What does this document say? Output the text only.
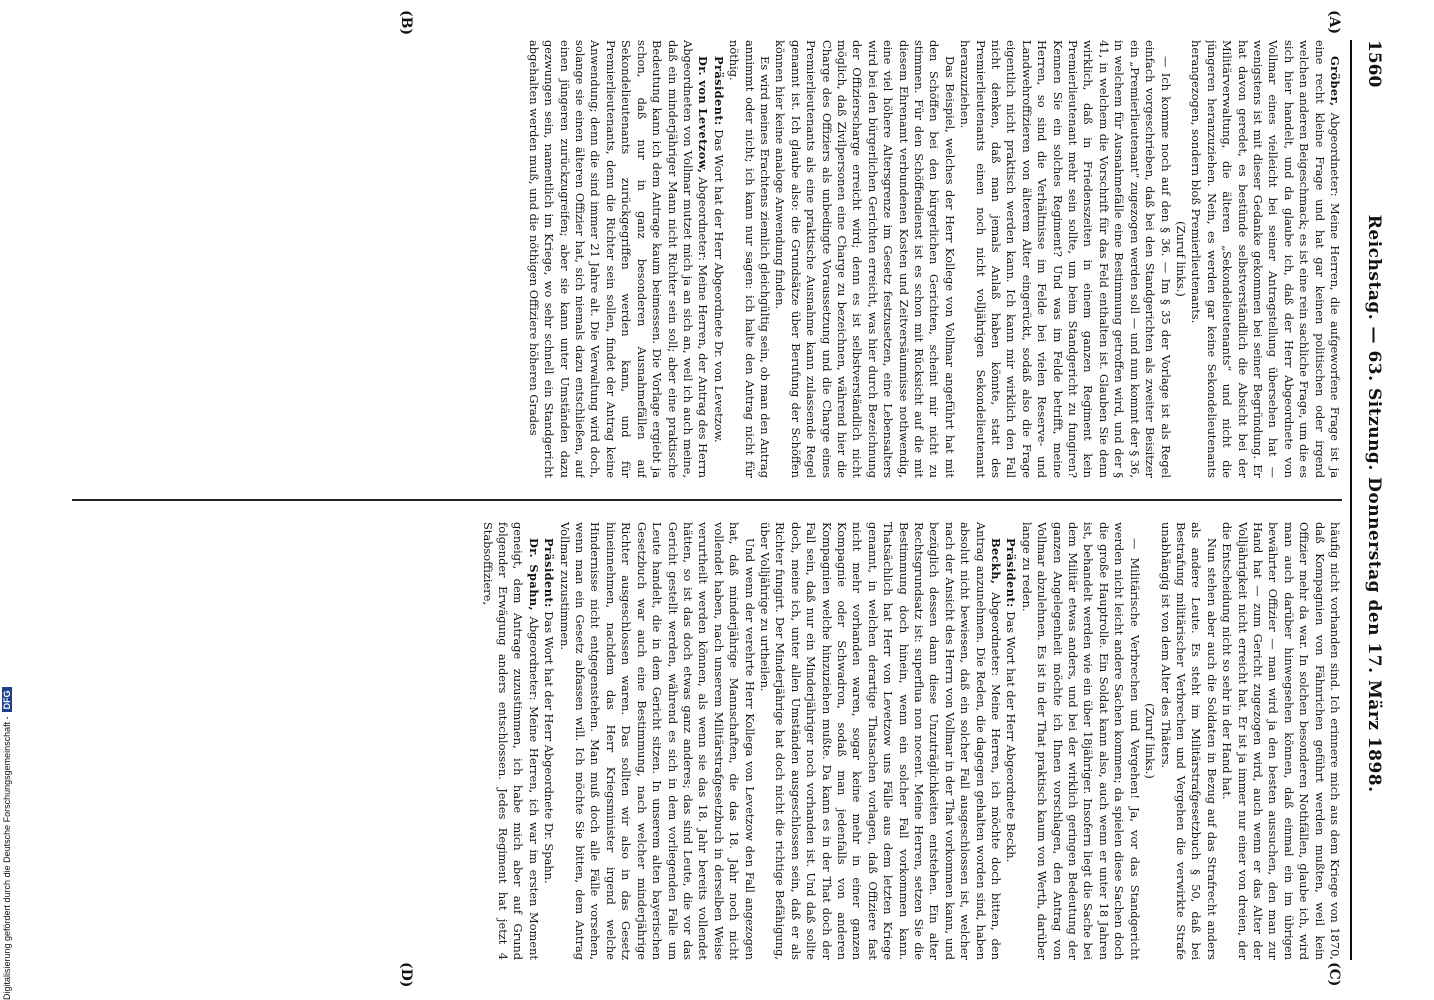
1560
Reichstag. — 63. Sitzung. Donnerstag den 17. März 1898.
(A)
(B)
(C)
(D)

Gröber, Abgeordneter: Meine Herren, die aufgeworfene Frage ist ja eine recht kleine Frage und hat gar keinen politischen oder irgend welchen anderen Beigeschmack; es ist eine rein sachliche Frage, um die es sich hier handelt, und da glaube ich, daß der Herr Abgeordnete von Vollmar eines vielleicht bei seiner Antragstellung übersehen hat — wenigstens ist mit dieser Gedanke gekommen bei seiner Begründung. Er hat davon geredet, es bestünde selbstverständlich die Absicht bei der Militärverwaltung, die älteren „Sekondelieutenants“ und nicht die jüngeren heranzuziehen. Nein, es werden gar keine Sekondelieutenants herangezogen, sondern bloß Premierlieutenants.

(Zuruf links.)

— Ich komme noch auf den § 36. — Im § 35 der Vorlage ist als Regel einfach vorgeschrieben, daß bei den Standgerichten als zweiter Beisitzer ein „Premierlieutenant“ zugezogen werden soll — und nun kommt der § 36, in welchem für Ausnahmefälle eine Bestimmung getroffen wird, und der § 41, in welchem die Vorschrift für das Feld enthalten ist. Glauben Sie denn wirklich, daß in Friedenszeiten in einem ganzen Regiment kein Premierlieutenant mehr sein sollte, um beim Standgericht zu fungiren? Kennen Sie ein solches Regiment? Und was im Felde betrifft, meine Herren, so sind die Verhältnisse im Felde bei vielen Reserve- und Landwehroffizieren von älterem Alter eingerückt, sodaß also die Frage eigentlich nicht praktisch werden kann. Ich kann mir wirklich den Fall nicht denken, daß man jemals Anlaß haben könnte, statt des Premierlieutenants einen noch nicht volljährigen Sekondelieutenant heranzuziehen.

Das Beispiel, welches der Herr Kollege von Vollmar angeführt hat mit den Schöffen bei den bürgerlichen Gerichten, scheint mir nicht zu stimmen. Für den Schöffendienst ist es schon mit Rücksicht auf die mit diesem Ehrenamt verbundenen Kosten und Zeitversäumnisse nothwendig, eine viel höhere Altersgrenze im Gesetz festzusetzen, eine Lebensalters wird bei den bürgerlichen Gerichten erreicht, was hier durch Bezeichnung der Offizierscharge erreicht wird; denn es ist selbstverständlich nicht möglich, daß Zivilpersonen eine Charge zu bezeichnen, während hier die Charge des Offiziers als unbedingte Voraussetzung und die Charge eines Premierlieutenants als eine praktische Ausnahme kann zulassende Regel genannt ist. Ich glaube also: die Grundsätze über Berufung der Schöffen können hier keine analoge Anwendung finden.

Es wird meines Erachtens ziemlich gleichgültig sein, ob man den Antrag annimmt oder nicht; ich kann nur sagen: ich halte den Antrag nicht für nöthig.

Präsident: Das Wort hat der Herr Abgeordnete Dr. von Levetzow.

Dr. von Levetzow, Abgeordneter: Meine Herren, der Antrag des Herrn Abgeordneten von Vollmar mutzet mich ja an sich an, weil ich auch meine, daß ein minderjähriger Mann nicht Richter sein soll; aber eine praktische Bedeutung kann ich dem Antrage kaum beimessen. Die Vorlage ergiebt ja schon, daß nur in ganz besonderen Ausnahmefällen auf Sekondelieutenants zurückgegriffen werden kann, und für Premierlieutenants, denn die Richter sein sollen, findet der Antrag keine Anwendung; denn die sind immer 21 Jahre alt. Die Verwaltung wird doch, solange sie einen älteren Offizier hat, sich niemals dazu entschließen, auf einen jüngeren zurückzugreifen; aber sie kann unter Umständen dazu gezwungen sein, namentlich im Kriege, wo sehr schnell ein Standgericht abgehalten werden muß, und die nöthigen Offiziere höheren Grades

häufig nicht vorhanden sind. Ich erinnere mich aus dem Kriege von 1870, daß Kompagnien von Fähnrichen geführt werden mußten, weil kein Offizier mehr da war. In solchen besonderen Nothfällen, glaube ich, wird man auch darüber hinwegsehen können, daß einmal ein im übrigen bewährter Offizier — man wird ja den besten aussuchen, den man zur Hand hat — zum Gericht zugezogen wird, auch wenn er das Alter der Volljährigkeit nicht erreicht hat. Er ist ja immer nur einer von dreien, der die Entscheidung nicht so sehr in der Hand hat.

Nun stehen aber auch die Soldaten in Bezug auf das Strafrecht anders als andere Leute. Es steht im Militärstrafgesetzbuch § 50, daß bei Bestrafung militärischer Verbrechen und Vergehen die verwirkte Strafe unabhängig ist von dem Alter des Thäters.

(Zuruf links.)

— Militärische Verbrechen und Vergehen! Ja, vor das Standgericht werden nicht leicht andere Sachen kommen; da spielen diese Sachen doch die große Hauptrolle. Ein Soldat kann also, auch wenn er unter 18 Jahren ist, behandelt werden wie ein über 18jähriger. Insofern liegt die Sache bei dem Militär etwas anders, und bei der wirklich geringen Bedeutung der ganzen Angelegenheit möchte ich Ihnen vorschlagen, den Antrag von Vollmar abzulehnen. Es ist in der That praktisch kaum von Werth, darüber lange zu reden.

Präsident: Das Wort hat der Herr Abgeordnete Beckh.

Beckh, Abgeordneter: Meine Herren, ich möchte doch bitten, den Antrag anzunehmen. Die Reden, die dagegen gehalten worden sind, haben absolut nicht bewiesen, daß ein solcher Fall ausgeschlossen ist, welcher nach der Ansicht des Herrn von Vollmar in der That vorkommen kann, und bezüglich dessen dann diese Unzuträglichkeiten entstehen. Ein alter Rechtsgrundsatz ist: superflua non nocent. Meine Herren, setzen Sie die Bestimmung doch hinein, wenn ein solcher Fall vorkommen kann. Thatsächlich hat Herr von Levetzow uns Fälle aus dem letzten Kriege genannt, in welchen derartige Thatsachen vorlagen, daß Offiziere fast nicht mehr vorhanden waren, sogar keine mehr in einer ganzen Kompagnie oder Schwadron, sodaß man jedenfalls von anderen Kompagnien welche hinzuziehen mußte. Da kann es in der That doch der Fall sein, daß nur ein Minderjähriger noch vorhanden ist. Und daß sollte doch, meine ich, unter allen Umständen ausgeschlossen sein, daß er als Richter fungirt. Der Minderjährige hat doch nicht die richtige Befähigung, über Volljährige zu urtheilen.

Und wenn der verehrte Herr Kollega von Levetzow den Fall angezogen hat, daß minderjährige Mannschaften, die das 18. Jahr noch nicht vollendet haben, nach unserem Militärstrafgesetzbuch in derselben Weise verurtheilt werden können, als wenn sie das 18. Jahr bereits vollendet hätten, so ist das doch etwas ganz anderes; das sind Leute, die vor das Gericht gestellt werden, während es sich in dem vorliegenden Falle um Leute handelt, die in dem Gericht sitzen. In unserem alten bayerischen Gesetzbuch war auch eine Bestimmung, nach welcher minderjährige Richter ausgeschlossen waren. Das sollten wir also in das Gesetz hineinnehmen, nachdem das Herr Kriegsminister irgend welche Hindernisse nicht entgegenstehen. Man muß doch alle Fälle vorsehen, wenn man ein Gesetz abfassen will. Ich möchte Sie bitten, dem Antrag Vollmar zuzustimmen.

Präsident: Das Wort hat der Herr Abgeordnete Dr. Spahn.

Dr. Spahn, Abgeordneter: Meine Herren, ich war im ersten Moment geneigt, dem Antrage zuzustimmen, ich habe mich aber auf Grund folgender Erwägung anders entschlossen. Jedes Regiment hat jetzt 4 Stabsoffiziere,

Digitalisierung gefördert durch die Deutsche Forschungsgemeinschaft -DFG
